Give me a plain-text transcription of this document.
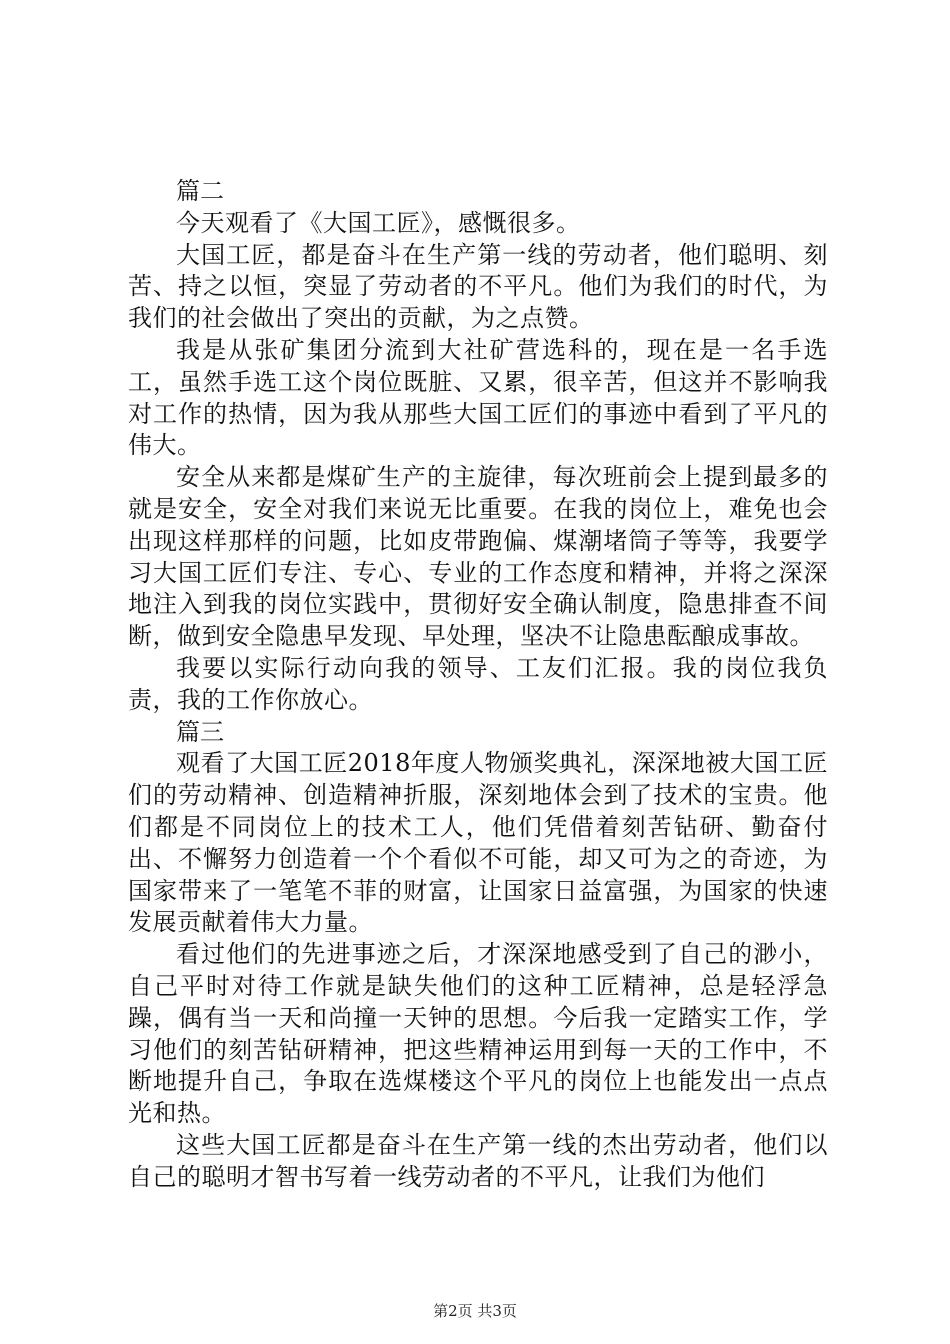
篇二

今天观看了《大国工匠》，感慨很多。

大国工匠，都是奋斗在生产第一线的劳动者，他们聪明、刻苦、持之以恒，突显了劳动者的不平凡。他们为我们的时代，为我们的社会做出了突出的贡献，为之点赞。

我是从张矿集团分流到大社矿营选科的，现在是一名手选工，虽然手选工这个岗位既脏、又累，很辛苦，但这并不影响我对工作的热情，因为我从那些大国工匠们的事迹中看到了平凡的伟大。

安全从来都是煤矿生产的主旋律，每次班前会上提到最多的就是安全，安全对我们来说无比重要。在我的岗位上，难免也会出现这样那样的问题，比如皮带跑偏、煤潮堵筒子等等，我要学习大国工匠们专注、专心、专业的工作态度和精神，并将之深深地注入到我的岗位实践中，贯彻好安全确认制度，隐患排查不间断，做到安全隐患早发现、早处理，坚决不让隐患酝酿成事故。

我要以实际行动向我的领导、工友们汇报。我的岗位我负责，我的工作你放心。

篇三

观看了大国工匠2018年度人物颁奖典礼，深深地被大国工匠们的劳动精神、创造精神折服，深刻地体会到了技术的宝贵。他们都是不同岗位上的技术工人，他们凭借着刻苦钻研、勤奋付出、不懈努力创造着一个个看似不可能，却又可为之的奇迹，为国家带来了一笔笔不菲的财富，让国家日益富强，为国家的快速发展贡献着伟大力量。

看过他们的先进事迹之后，才深深地感受到了自己的渺小，自己平时对待工作就是缺失他们的这种工匠精神，总是轻浮急躁，偶有当一天和尚撞一天钟的思想。今后我一定踏实工作，学习他们的刻苦钻研精神，把这些精神运用到每一天的工作中，不断地提升自己，争取在选煤楼这个平凡的岗位上也能发出一点点光和热。

这些大国工匠都是奋斗在生产第一线的杰出劳动者，他们以自己的聪明才智书写着一线劳动者的不平凡，让我们为他们

第2页 共3页
